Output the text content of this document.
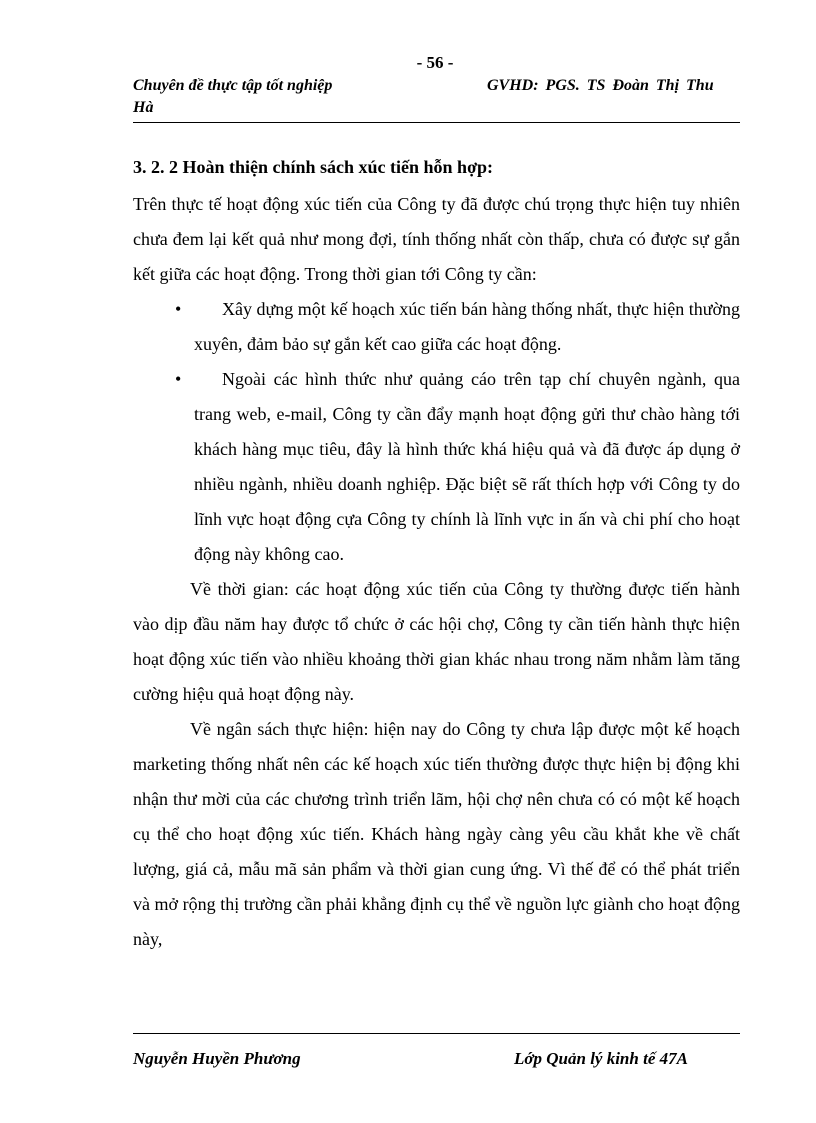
- 56 -
Chuyên đề thực tập tốt nghiệp	GVHD: PGS. TS Đoàn Thị Thu
Hà

3. 2. 2 Hoàn thiện chính sách xúc tiến hỗn hợp:

Trên thực tế hoạt động xúc tiến của Công ty đã được chú trọng thực hiện tuy nhiên chưa đem lại kết quả như mong đợi, tính thống nhất còn thấp, chưa có được sự gắn kết giữa các hoạt động. Trong thời gian tới Công ty cần:

•	Xây dựng một kế hoạch xúc tiến bán hàng thống nhất, thực hiện thường xuyên, đảm bảo sự gắn kết cao giữa các hoạt động.
•	Ngoài các hình thức như quảng cáo trên tạp chí chuyên ngành, qua trang web, e-mail, Công ty cần đẩy mạnh hoạt động gửi thư chào hàng tới khách hàng mục tiêu, đây là hình thức khá hiệu quả và đã được áp dụng ở nhiều ngành, nhiều doanh nghiệp. Đặc biệt sẽ rất thích hợp với Công ty do lĩnh vực hoạt động cựa Công ty chính là lĩnh vực in ấn và chi phí cho hoạt động này không cao.

Về thời gian: các hoạt động xúc tiến của Công ty thường được tiến hành vào dịp đầu năm hay được tổ chức ở các hội chợ, Công ty cần tiến hành thực hiện hoạt động xúc tiến vào nhiều khoảng thời gian khác nhau trong năm nhằm làm tăng cường hiệu quả hoạt động này.

Về ngân sách thực hiện: hiện nay do Công ty chưa lập được một kế hoạch marketing thống nhất nên các kế hoạch xúc tiến thường được thực hiện bị động khi nhận thư mời của các chương trình triển lãm, hội chợ nên chưa có có một kế hoạch cụ thể cho hoạt động xúc tiến. Khách hàng ngày càng yêu cầu khắt khe về chất lượng, giá cả, mẫu mã sản phẩm và thời gian cung ứng. Vì thế để có thể phát triển và mở rộng thị trường cần phải khẳng định cụ thể về nguồn lực giành cho hoạt động này,

Nguyễn Huyền Phương	Lớp Quản lý kinh tế 47A
